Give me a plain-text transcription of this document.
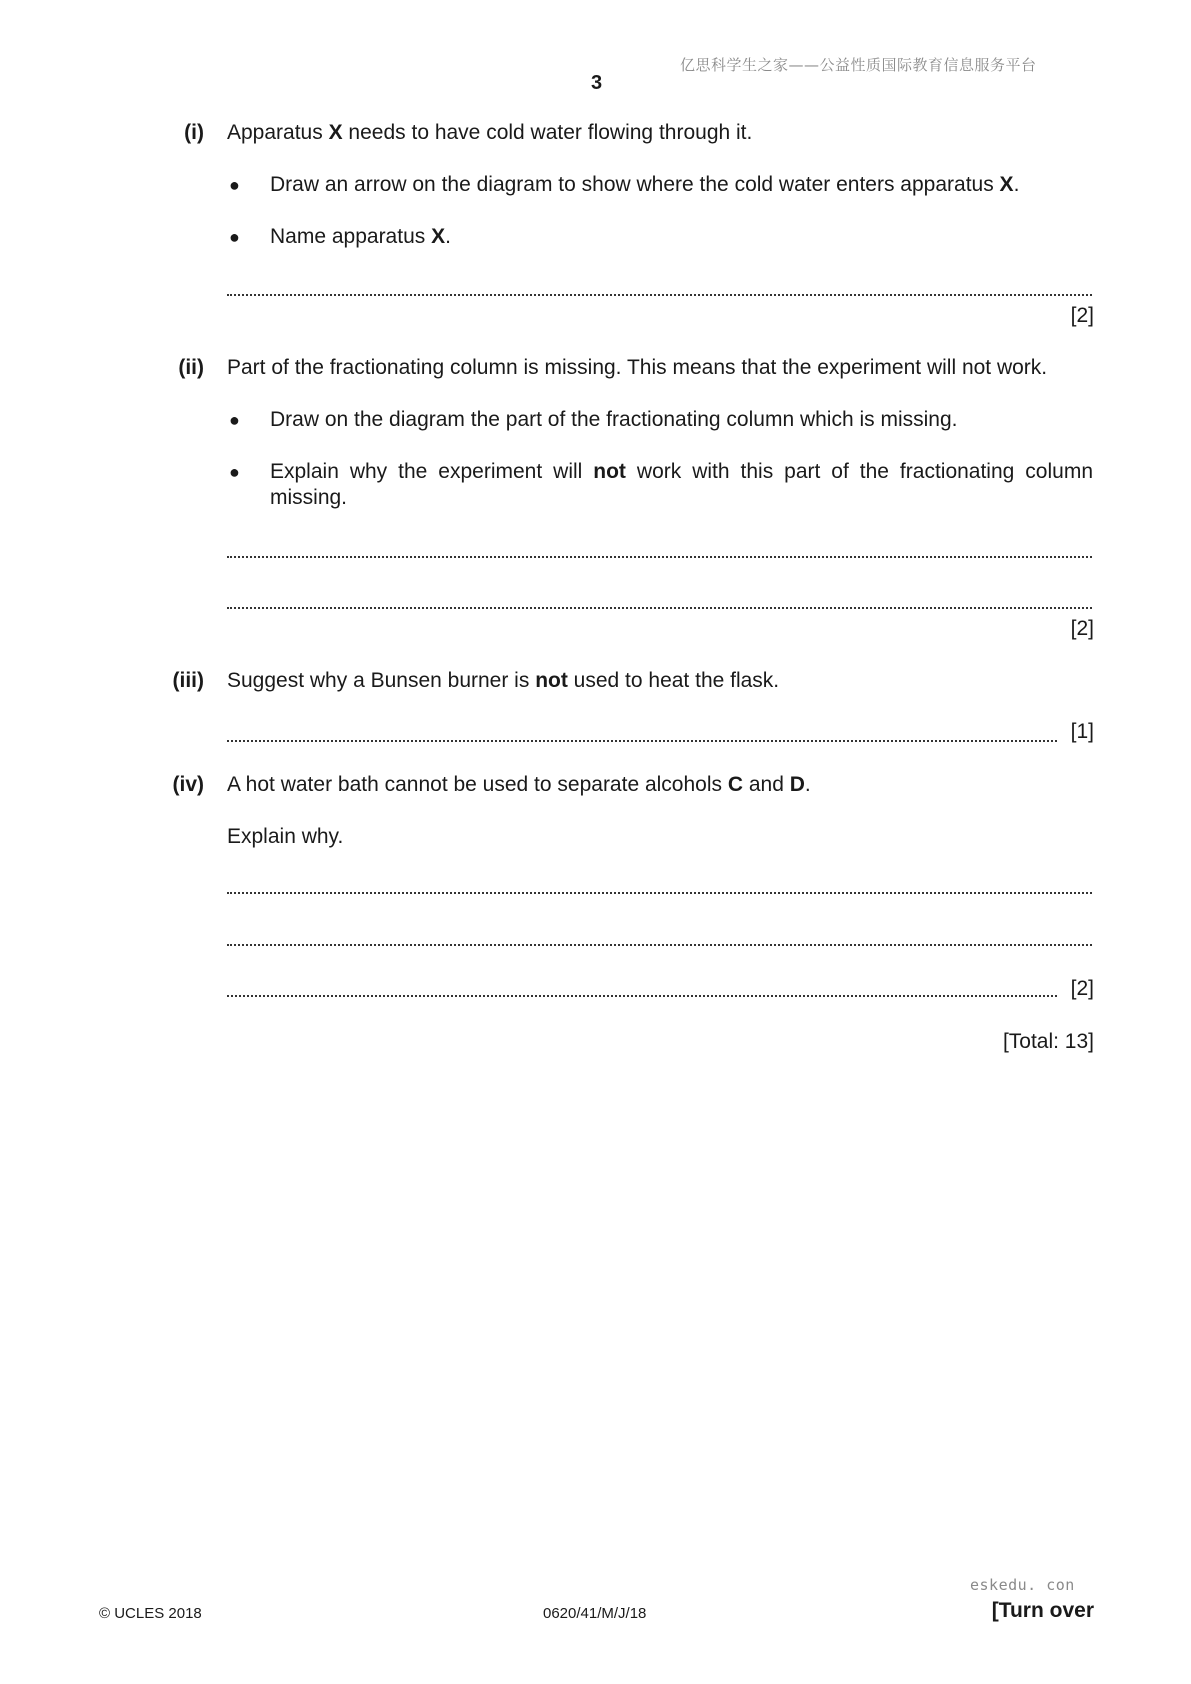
亿思科学生之家——公益性质国际教育信息服务平台
3
(i) Apparatus X needs to have cold water flowing through it.
● Draw an arrow on the diagram to show where the cold water enters apparatus X.
● Name apparatus X.
[2]
(ii) Part of the fractionating column is missing. This means that the experiment will not work.
● Draw on the diagram the part of the fractionating column which is missing.
● Explain why the experiment will not work with this part of the fractionating column missing.
[2]
(iii) Suggest why a Bunsen burner is not used to heat the flask.
[1]
(iv) A hot water bath cannot be used to separate alcohols C and D.
Explain why.
[2]
[Total: 13]
eskedu. con
© UCLES 2018	0620/41/M/J/18	[Turn over
